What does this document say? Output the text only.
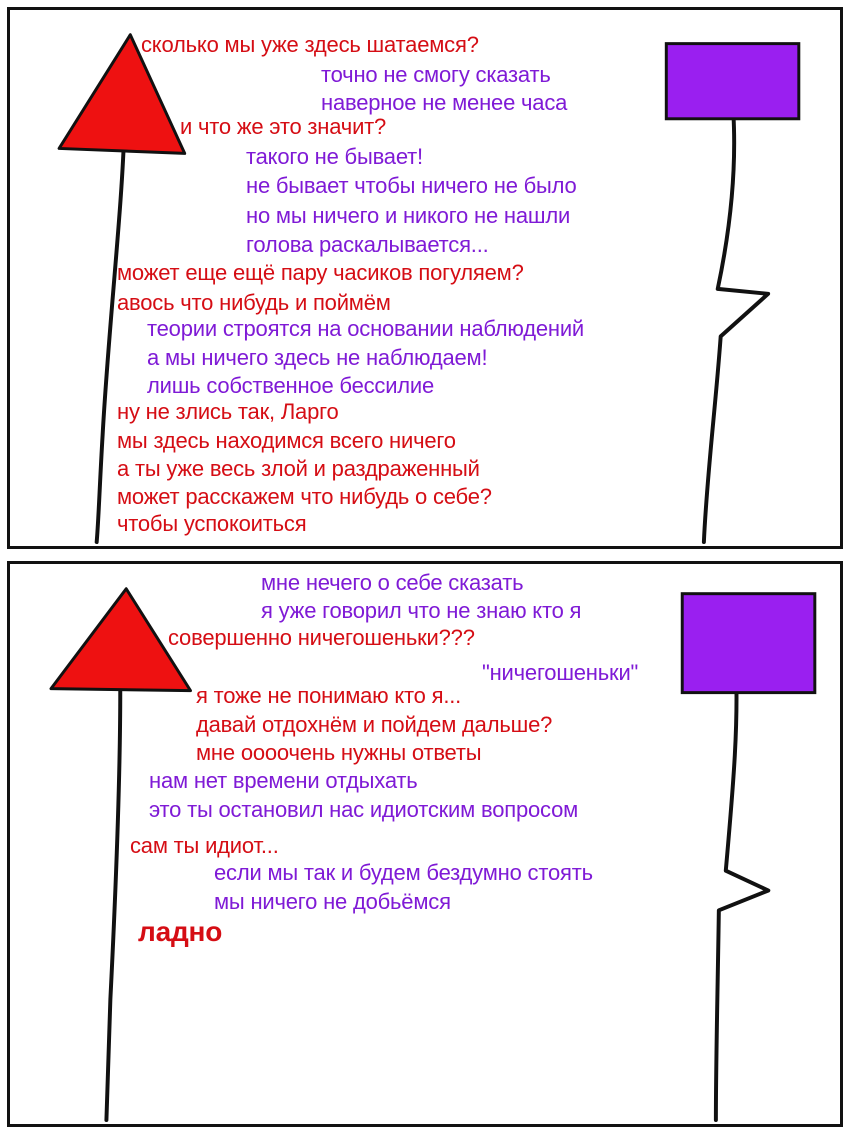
сколько мы уже здесь шатаемся?
точно не смогу сказать
наверное не менее часа
и что же это значит?
такого не бывает!
не бывает чтобы ничего не было
но мы ничего и никого не нашли
голова раскалывается...
может еще ещё пару часиков погуляем?
авось что нибудь и поймём
теории строятся на основании наблюдений
а мы ничего здесь не наблюдаем!
лишь собственное бессилие
ну не злись так, Ларго
мы здесь находимся всего ничего
а ты уже весь злой и раздраженный
может расскажем что нибудь о себе?
чтобы успокоиться
мне нечего о себе сказать
я уже говорил что не знаю кто я
совершенно ничегошеньки???
"ничегошеньки"
я тоже не понимаю кто я...
давай отдохнём и пойдем дальше?
мне оооочень нужны ответы
нам нет времени отдыхать
это ты остановил нас идиотским вопросом
сам ты идиот...
если мы так и будем бездумно стоять
мы ничего не добьёмся
ладно
